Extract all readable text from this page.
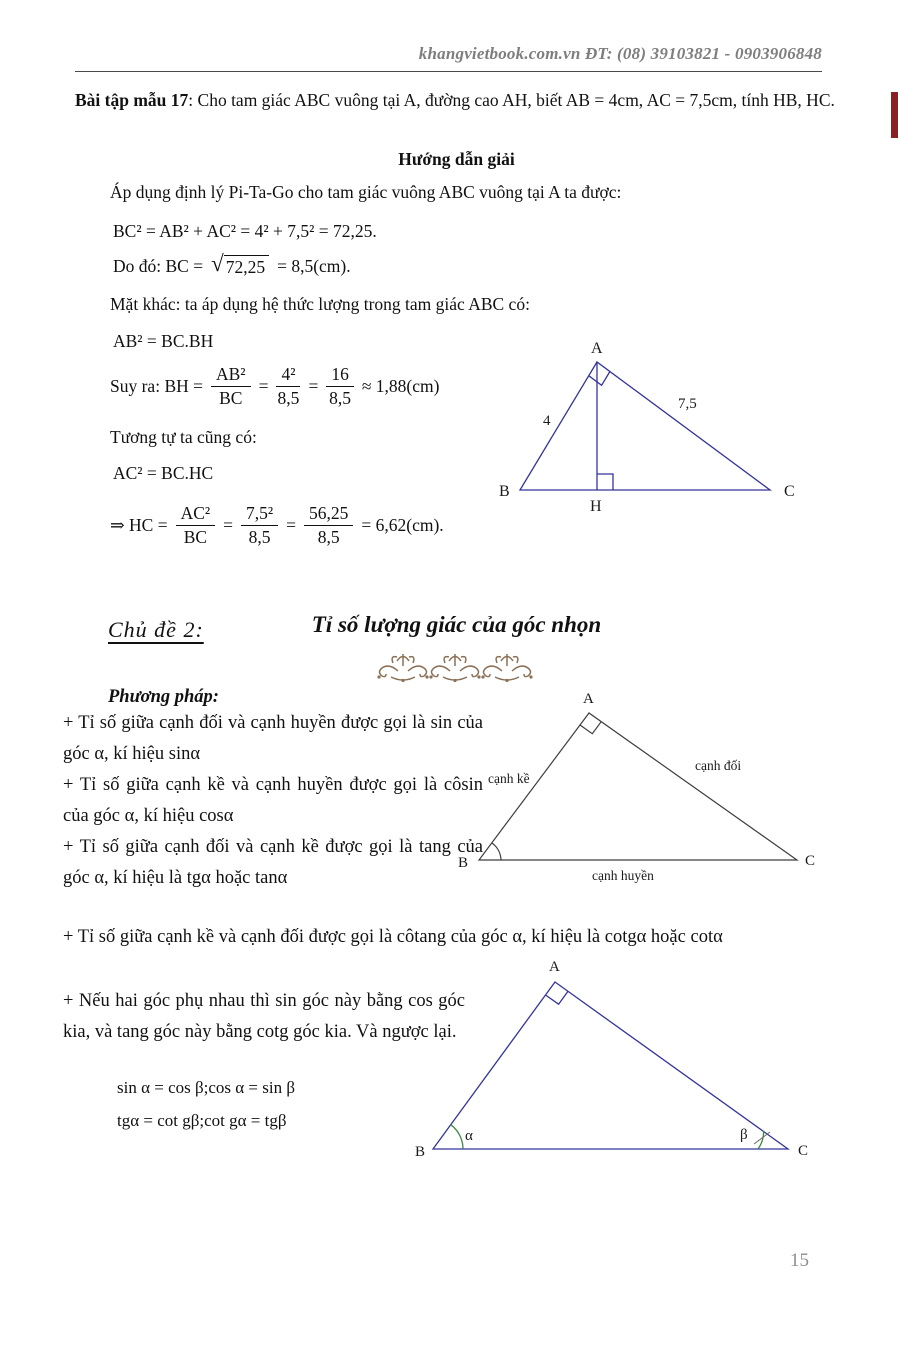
khangvietbook.com.vn ĐT: (08) 39103821 - 0903906848

Bài tập mẫu 17: Cho tam giác ABC vuông tại A, đường cao AH, biết AB = 4cm, AC = 7,5cm, tính HB, HC.

Hướng dẫn giải
Áp dụng định lý Pi-Ta-Go cho tam giác vuông ABC vuông tại A ta được:
BC² = AB² + AC² = 4² + 7,5² = 72,25.
Do đó: BC = √ 72,25 = 8,5(cm).
Mặt khác: ta áp dụng hệ thức lượng trong tam giác ABC có:
AB² = BC.BH
Suy ra: BH = $\frac{\text{AB²}}{BC} = \frac{\text{4²}}{8,5} = \frac{16}{8,5} \approx 1,88(cm)$
Tương tự ta cũng có:
AC² = BC.HC
⇒ HC = $\frac{\text{AC²}}{BC} = \frac{\text{7,5²}}{8,5} = \frac{56,25}{8,5} = 6,62(cm)$.
A
B	C
H
4
7,5
Chủ đề 2:	Tỉ số lượng giác của góc nhọn
Phương pháp:

+ Tỉ số giữa cạnh đối và cạnh huyền được gọi là sin của góc α, kí hiệu sinα

+ Tỉ số giữa cạnh kề và cạnh huyền được gọi là côsin của góc α, kí hiệu cosα

+ Tỉ số giữa cạnh đối và cạnh kề được gọi là tang của góc α, kí hiệu là tgα hoặc tanα

A
B	C
cạnh kề
cạnh đối
cạnh huyền

+ Tỉ số giữa cạnh kề và cạnh đối được gọi là côtang của góc α, kí hiệu là cotgα hoặc cotα

+ Nếu hai góc phụ nhau thì sin góc này bằng cos góc kia, và tang góc này bằng cotg góc kia. Và ngược lại.

sin α = cos β;cos α = sin β
tgα = cot gβ;cot gα = tgβ
A
B	C
α	β
15
